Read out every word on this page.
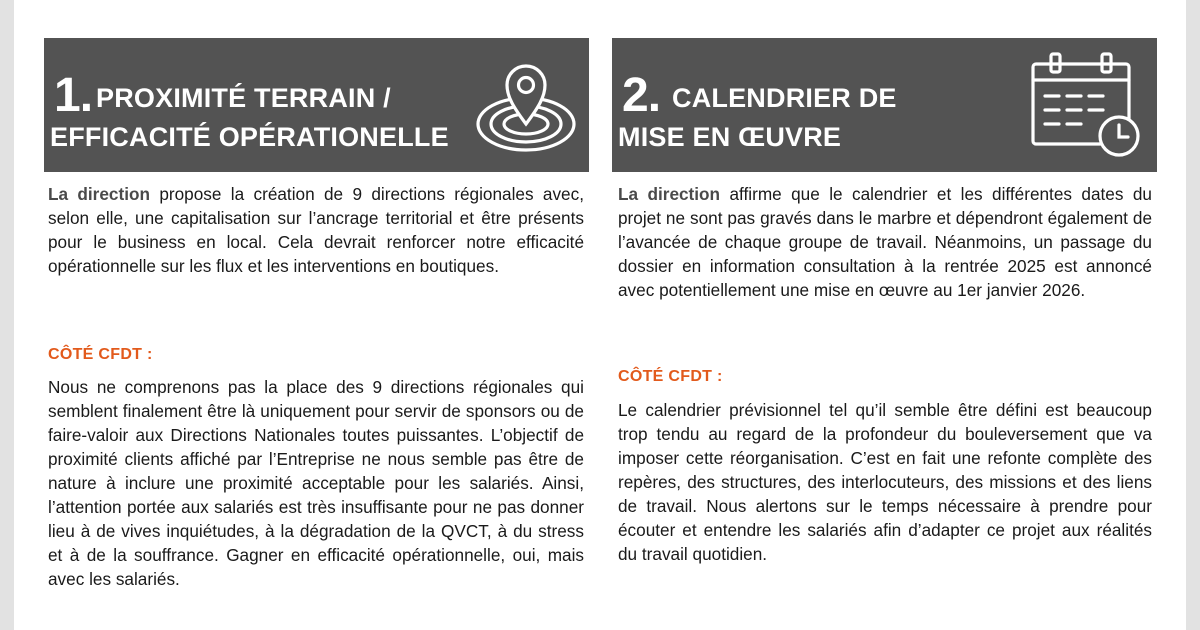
1. PROXIMITÉ TERRAIN /
EFFICACITÉ OPÉRATIONELLE
La direction propose la création de 9 directions régionales avec, selon elle, une capitalisation sur l’ancrage territorial et être présents pour le business en local. Cela devrait renforcer notre efficacité opérationnelle sur les flux et les interventions en boutiques.
CÔTÉ CFDT :
Nous ne comprenons pas la place des 9 directions régionales qui semblent finalement être là uniquement pour servir de sponsors ou de faire-valoir aux Directions Nationales toutes puissantes. L’objectif de proximité clients affiché par l’Entreprise ne nous semble pas être de nature à inclure une proximité acceptable pour les salariés. Ainsi, l’attention portée aux salariés est très insuffisante pour ne pas donner lieu à de vives inquiétudes, à la dégradation de la QVCT, à du stress et à de la souffrance. Gagner en efficacité opérationnelle, oui, mais avec les salariés.
2. CALENDRIER DE
MISE EN ŒUVRE
La direction affirme que le calendrier et les différentes dates du projet ne sont pas gravés dans le marbre et dépendront également de l’avancée de chaque groupe de travail. Néanmoins, un passage du dossier en information consultation à la rentrée 2025 est annoncé avec potentiellement une mise en œuvre au 1er janvier 2026.
CÔTÉ CFDT :
Le calendrier prévisionnel tel qu’il semble être défini est beaucoup trop tendu au regard de la profondeur du bouleversement que va imposer cette réorganisation. C’est en fait une refonte complète des repères, des structures, des interlocuteurs, des missions et des liens de travail. Nous alertons sur le temps nécessaire à prendre pour écouter et entendre les salariés afin d’adapter ce projet aux réalités du travail quotidien.
